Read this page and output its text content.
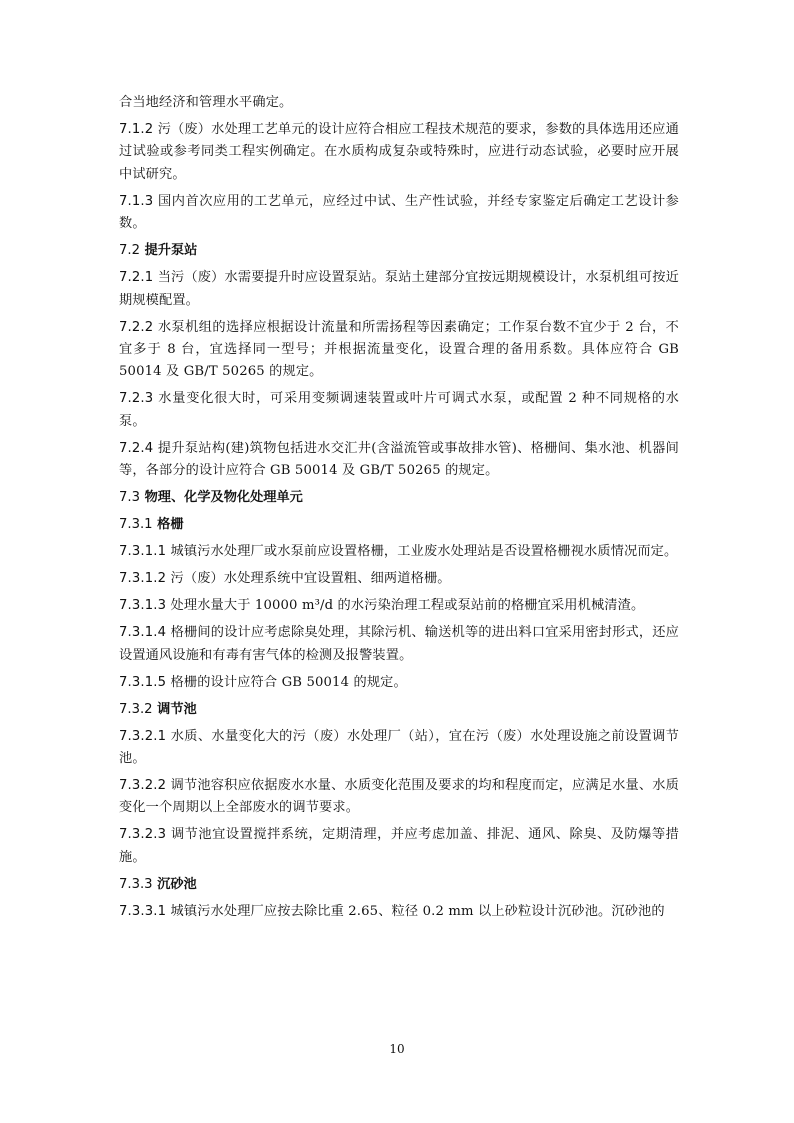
合当地经济和管理水平确定。
7.1.2 污（废）水处理工艺单元的设计应符合相应工程技术规范的要求，参数的具体选用还应通过试验或参考同类工程实例确定。在水质构成复杂或特殊时，应进行动态试验，必要时应开展中试研究。
7.1.3 国内首次应用的工艺单元，应经过中试、生产性试验，并经专家鉴定后确定工艺设计参数。
7.2 提升泵站
7.2.1 当污（废）水需要提升时应设置泵站。泵站土建部分宜按远期规模设计，水泵机组可按近期规模配置。
7.2.2 水泵机组的选择应根据设计流量和所需扬程等因素确定；工作泵台数不宜少于 2 台，不宜多于 8 台，宜选择同一型号；并根据流量变化，设置合理的备用系数。具体应符合 GB 50014 及 GB/T 50265 的规定。
7.2.3 水量变化很大时，可采用变频调速装置或叶片可调式水泵，或配置 2 种不同规格的水泵。
7.2.4 提升泵站构(建)筑物包括进水交汇井(含溢流管或事故排水管)、格栅间、集水池、机器间等，各部分的设计应符合 GB 50014 及 GB/T 50265 的规定。
7.3 物理、化学及物化处理单元
7.3.1 格栅
7.3.1.1 城镇污水处理厂或水泵前应设置格栅，工业废水处理站是否设置格栅视水质情况而定。
7.3.1.2 污（废）水处理系统中宜设置粗、细两道格栅。
7.3.1.3 处理水量大于 10000 m³/d 的水污染治理工程或泵站前的格栅宜采用机械清渣。
7.3.1.4 格栅间的设计应考虑除臭处理，其除污机、输送机等的进出料口宜采用密封形式，还应设置通风设施和有毒有害气体的检测及报警装置。
7.3.1.5 格栅的设计应符合 GB 50014 的规定。
7.3.2 调节池
7.3.2.1 水质、水量变化大的污（废）水处理厂（站），宜在污（废）水处理设施之前设置调节池。
7.3.2.2 调节池容积应依据废水水量、水质变化范围及要求的均和程度而定，应满足水量、水质变化一个周期以上全部废水的调节要求。
7.3.2.3 调节池宜设置搅拌系统，定期清理，并应考虑加盖、排泥、通风、除臭、及防爆等措施。
7.3.3 沉砂池
7.3.3.1 城镇污水处理厂应按去除比重 2.65、粒径 0.2 mm 以上砂粒设计沉砂池。沉砂池的
10
